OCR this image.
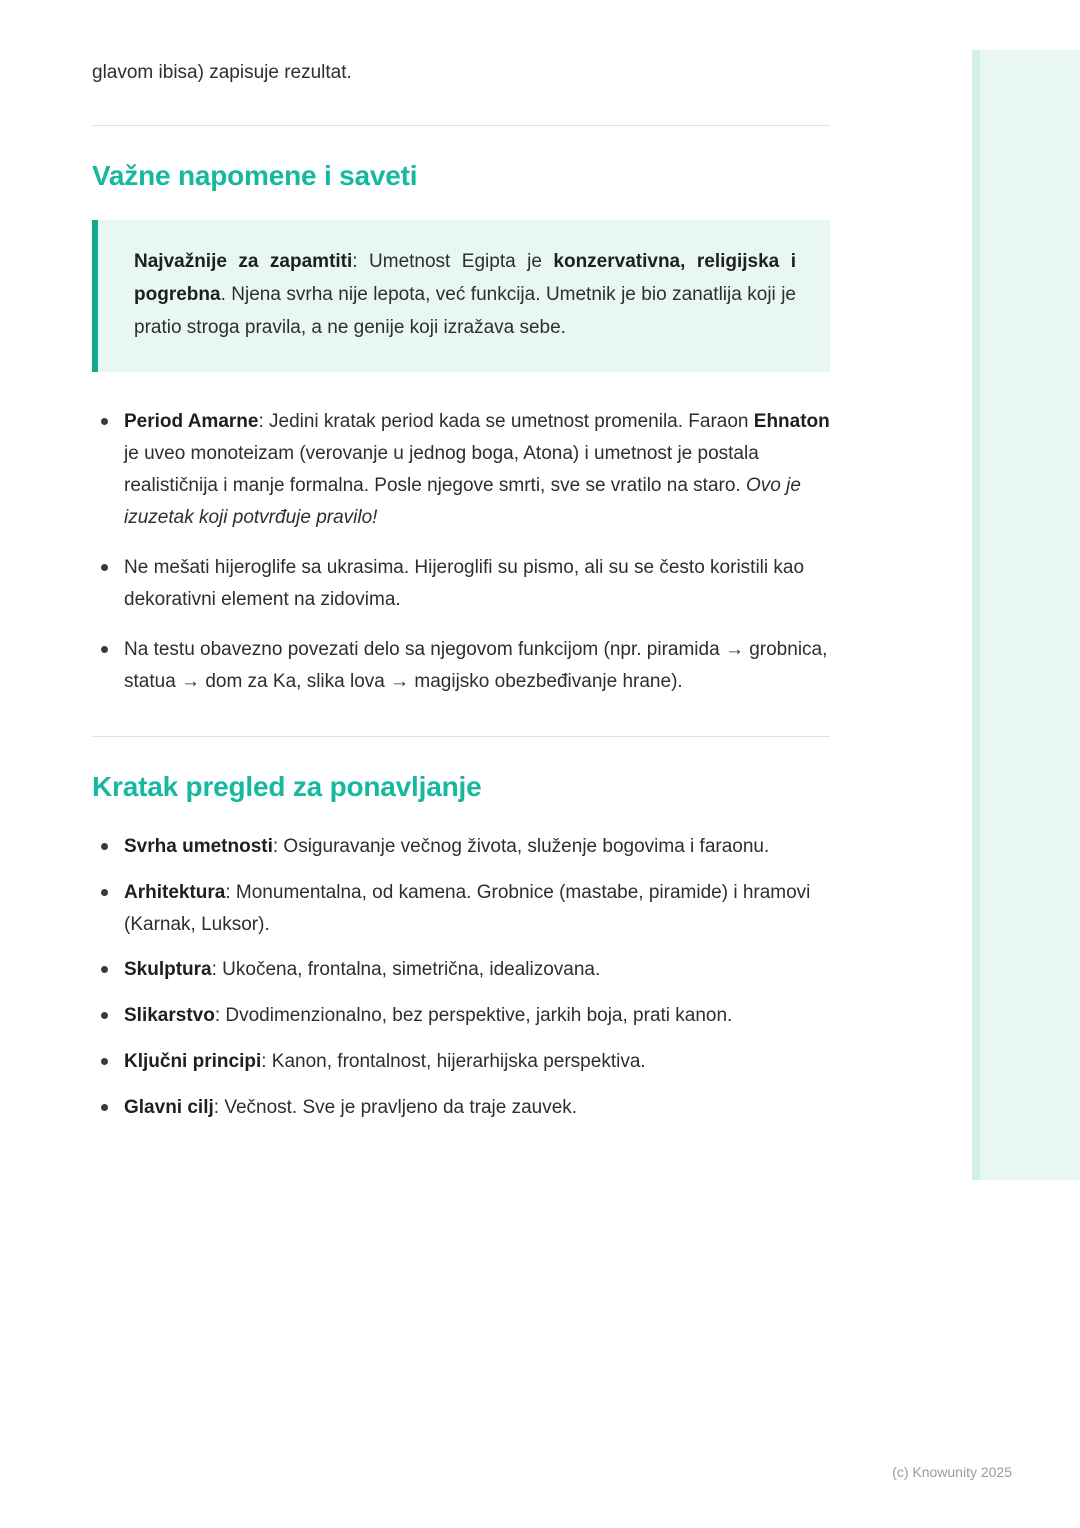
glavom ibisa) zapisuje rezultat.

Važne napomene i saveti

Najvažnije za zapamtiti: Umetnost Egipta je konzervativna, religijska i pogrebna. Njena svrha nije lepota, već funkcija. Umetnik je bio zanatlija koji je pratio stroga pravila, a ne genije koji izražava sebe.

Period Amarne: Jedini kratak period kada se umetnost promenila. Faraon Ehnaton je uveo monoteizam (verovanje u jednog boga, Atona) i umetnost je postala realističnija i manje formalna. Posle njegove smrti, sve se vratilo na staro. Ovo je izuzetak koji potvrđuje pravilo!
Ne mešati hijeroglife sa ukrasima. Hijeroglifi su pismo, ali su se često koristili kao dekorativni element na zidovima.
Na testu obavezno povezati delo sa njegovom funkcijom (npr. piramida → grobnica, statua → dom za Ka, slika lova → magijsko obezbeđivanje hrane).
Kratak pregled za ponavljanje
Svrha umetnosti: Osiguravanje večnog života, služenje bogovima i faraonu.
Arhitektura: Monumentalna, od kamena. Grobnice (mastabe, piramide) i hramovi (Karnak, Luksor).
Skulptura: Ukočena, frontalna, simetrična, idealizovana.
Slikarstvo: Dvodimenzionalno, bez perspektive, jarkih boja, prati kanon.
Ključni principi: Kanon, frontalnost, hijerarhijska perspektiva.
Glavni cilj: Večnost. Sve je pravljeno da traje zauvek.
(c) Knowunity 2025
